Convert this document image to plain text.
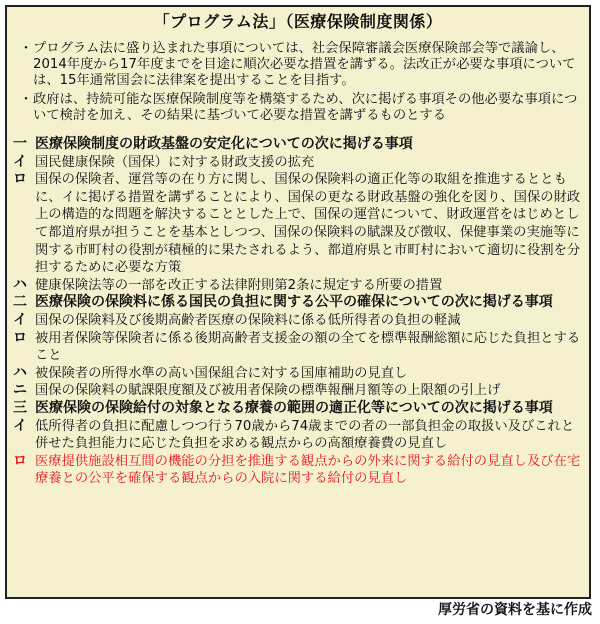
「プログラム法」（医療保険制度関係）
・ プログラム法に盛り込まれた事項については、社会保障審議会医療保険部会等で議論し、2014年度から17年度までを目途に順次必要な措置を講ずる。法改正が必要な事項については、15年通常国会に法律案を提出することを目指す。
・ 政府は、持続可能な医療保険制度等を構築するため、次に掲げる事項その他必要な事項について検討を加え、その結果に基づいて必要な措置を講ずるものとする
一 医療保険制度の財政基盤の安定化についての次に掲げる事項
イ 国民健康保険（国保）に対する財政支援の拡充
ロ 国保の保険者、運営等の在り方に関し、国保の保険料の適正化等の取組を推進するとともに、イに掲げる措置を講ずることにより、国保の更なる財政基盤の強化を図り、国保の財政上の構造的な問題を解決することとした上で、国保の運営について、財政運営をはじめとして都道府県が担うことを基本としつつ、国保の保険料の賦課及び徴収、保健事業の実施等に関する市町村の役割が積極的に果たされるよう、都道府県と市町村において適切に役割を分担するために必要な方策
ハ 健康保険法等の一部を改正する法律附則第2条に規定する所要の措置
二 医療保険の保険料に係る国民の負担に関する公平の確保についての次に掲げる事項
イ 国保の保険料及び後期高齢者医療の保険料に係る低所得者の負担の軽減
ロ 被用者保険等保険者に係る後期高齢者支援金の額の全てを標準報酬総額に応じた負担とすること
ハ 被保険者の所得水準の高い国保組合に対する国庫補助の見直し
ニ 国保の保険料の賦課限度額及び被用者保険の標準報酬月額等の上限額の引上げ
三 医療保険の保険給付の対象となる療養の範囲の適正化等についての次に掲げる事項
イ 低所得者の負担に配慮しつつ行う70歳から74歳までの者の一部負担金の取扱い及びこれと併せた負担能力に応じた負担を求める観点からの高額療養費の見直し
ロ 医療提供施設相互間の機能の分担を推進する観点からの外来に関する給付の見直し及び在宅療養との公平を確保する観点からの入院に関する給付の見直し
厚労省の資料を基に作成
